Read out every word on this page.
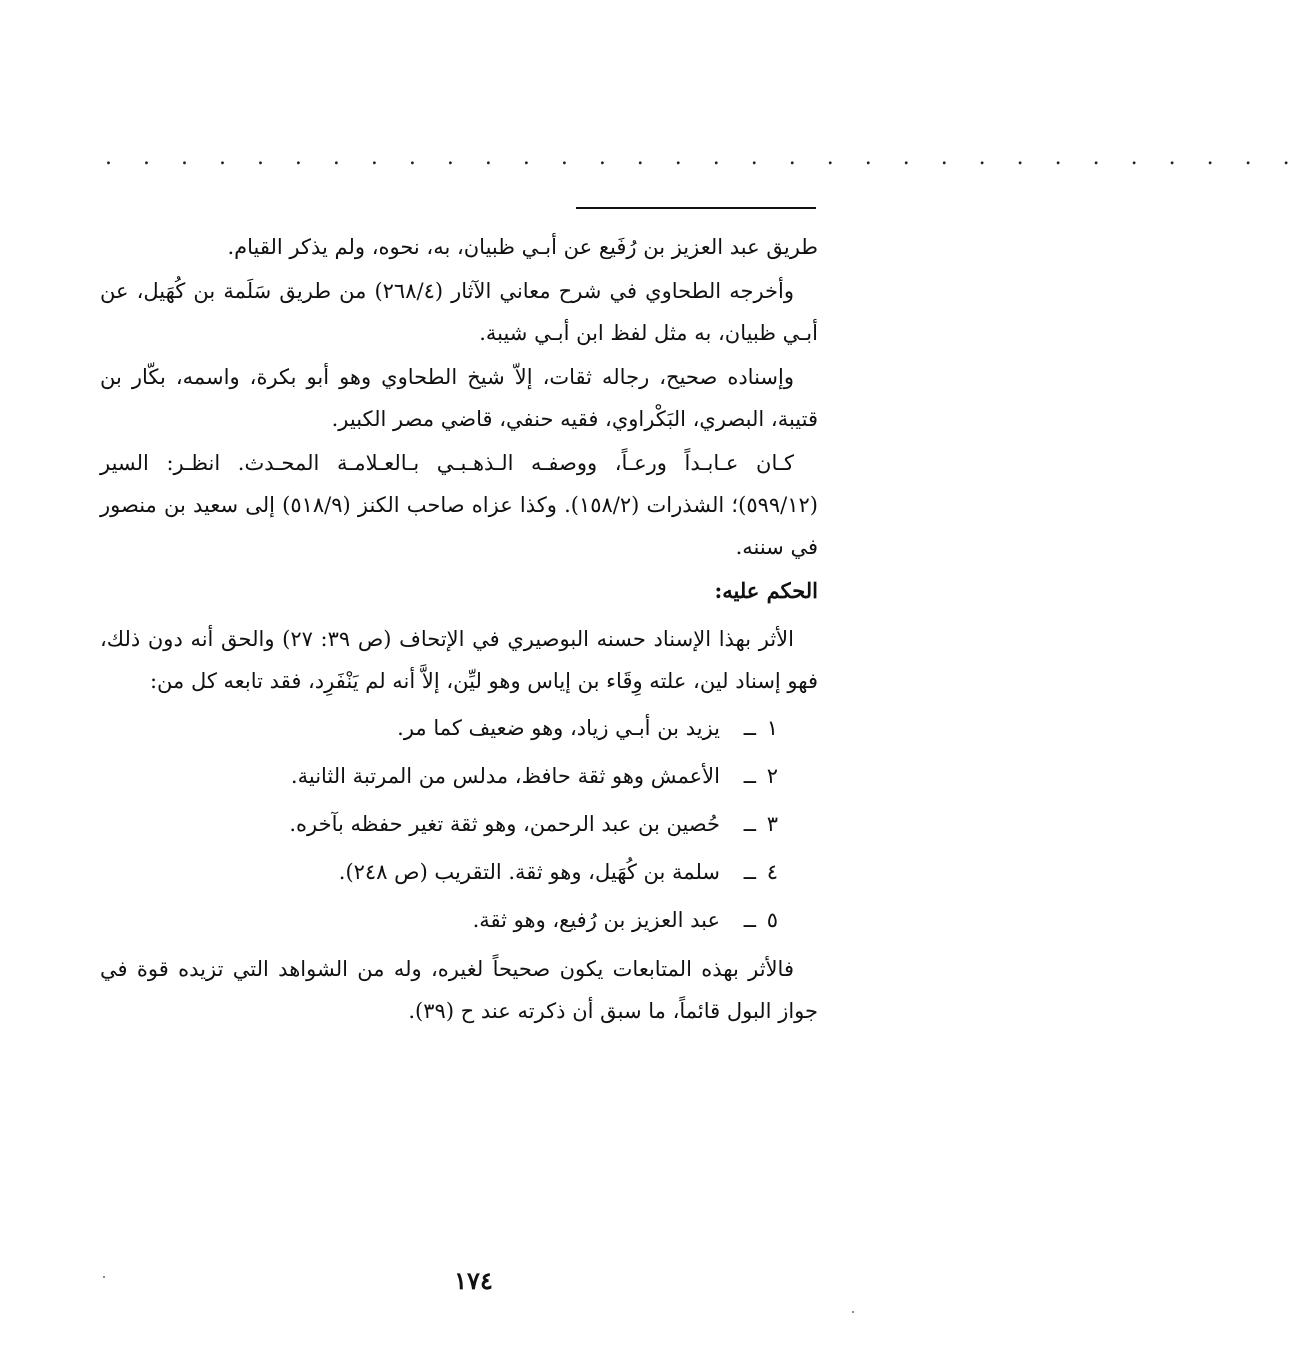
. . . . . . . . . . . . . . . . . . . . . . . . . . . . . . . .

طريق عبد العزيز بن رُفَيع عن أبـي ظبيان، به، نحوه، ولم يذكر القيام.

وأخرجه الطحاوي في شرح معاني الآثار (٢٦٨/٤) من طريق سَلَمة بن كُهَيل، عن أبـي ظبيان، به مثل لفظ ابن أبـي شيبة.

وإسناده صحيح، رجاله ثقات، إلاّ شيخ الطحاوي وهو أبو بكرة، واسمه، بكّار بن قتيبة، البصري، البَكْراوي، فقيه حنفي، قاضي مصر الكبير.

كـان عـابـداً ورعـاً، ووصفـه الـذهـبـي بـالعـلامـة المحـدث. انظـر: السير (٥٩٩/١٢)؛ الشذرات (١٥٨/٢). وكذا عزاه صاحب الكنز (٥١٨/٩) إلى سعيد بن منصور في سننه.

الحكم عليه:

الأثر بهذا الإسناد حسنه البوصيري في الإتحاف (ص ٣٩: ٢٧) والحق أنه دون ذلك، فهو إسناد لين، علته وِقَاء بن إياس وهو ليِّن، إلاَّ أنه لم يَنْفَرِد، فقد تابعه كل من:

١ــيزيد بن أبـي زياد، وهو ضعيف كما مر.
٢ــالأعمش وهو ثقة حافظ، مدلس من المرتبة الثانية.
٣ــحُصين بن عبد الرحمن، وهو ثقة تغير حفظه بآخره.
٤ــسلمة بن كُهَيل، وهو ثقة. التقريب (ص ٢٤٨).
٥ــعبد العزيز بن رُفيع، وهو ثقة.

فالأثر بهذه المتابعات يكون صحيحاً لغيره، وله من الشواهد التي تزيده قوة في جواز البول قائماً، ما سبق أن ذكرته عند ح (٣٩).

١٧٤
